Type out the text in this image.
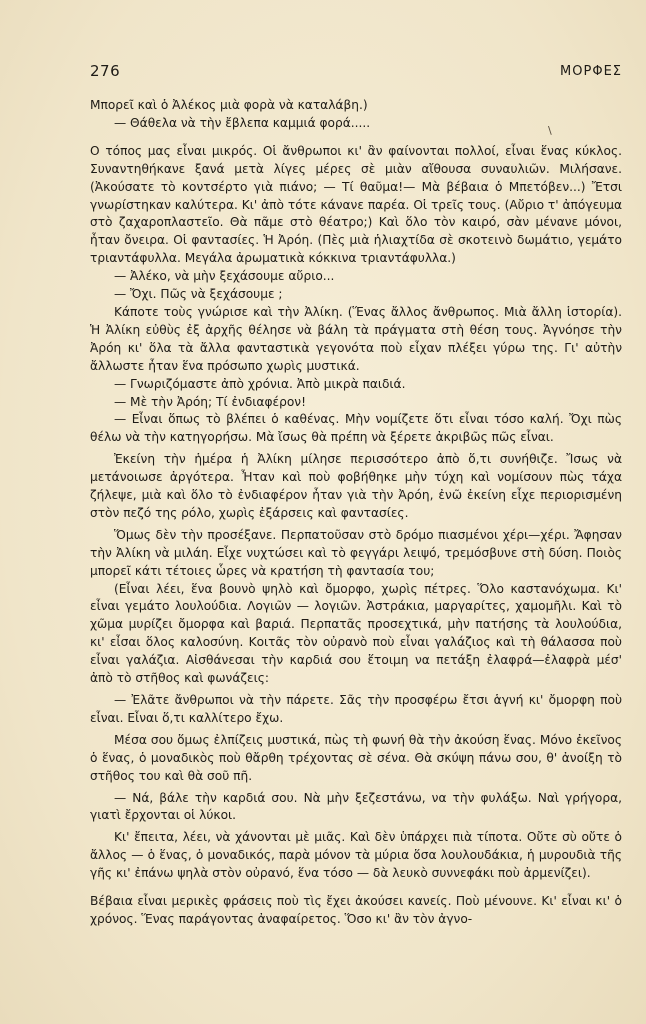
276	ΜΟΡΦΕΣ
\

Μπορεῖ καὶ ὁ Ἀλέκος μιὰ φορὰ νὰ καταλάβη.)

— Θάθελα νὰ τὴν ἔβλεπα καμμιά φορά.....

Ο τόπος μας εἶναι μικρός. Οἱ ἄνθρωποι κι' ἂν φαίνονται πολλοί, εἶναι ἕνας κύκλος. Συναντηθήκανε ξανά μετὰ λίγες μέρες σὲ μιὰν αἴθουσα συναυλιῶν. Μιλήσανε. (Ἀκούσατε τὸ κοντσέρτο γιὰ πιάνο; — Τί θαῦμα!— Μὰ βέβαια ὁ Μπετόβεν...) Ἔτσι γνωρίστηκαν καλύτερα. Κι' ἀπὸ τότε κάνανε παρέα. Οἱ τρεῖς τους. (Αὔριο τ' ἀπόγευμα στὸ ζαχαροπλαστεῖο. Θὰ πᾶμε στὸ θέατρο;) Καὶ ὅλο τὸν καιρό, σὰν μένανε μόνοι, ἦταν ὄνειρα. Οἱ φαντασίες. Ἡ Ἀρόη. (Πὲς μιὰ ἡλιαχτίδα σὲ σκοτεινὸ δωμάτιο, γεμάτο τριαντάφυλλα. Μεγάλα ἀρωματικὰ κόκκινα τριαντάφυλλα.)

— Ἀλέκο, νὰ μὴν ξεχάσουμε αὔριο...

— Ὄχι. Πῶς νὰ ξεχάσουμε ;

Κάποτε τοὺς γνώρισε καὶ τὴν Ἀλίκη. (Ἕνας ἄλλος ἄνθρωπος. Μιὰ ἄλλη ἱστορία). Ἡ Ἀλίκη εὐθὺς ἐξ ἀρχῆς θέλησε νὰ βάλη τὰ πράγματα στὴ θέση τους. Ἀγνόησε τὴν Ἀρόη κι' ὅλα τὰ ἄλλα φανταστικὰ γεγονότα ποὺ εἶχαν πλέξει γύρω της. Γι' αὐτὴν ἄλλωστε ἦταν ἕνα πρόσωπο χωρὶς μυστικά.

— Γνωριζόμαστε ἀπὸ χρόνια. Ἀπὸ μικρὰ παιδιά.

— Μὲ τὴν Ἀρόη; Τί ἐνδιαφέρον!

— Εἶναι ὅπως τὸ βλέπει ὁ καθένας. Μὴν νομίζετε ὅτι εἶναι τόσο καλή. Ὄχι πὼς θέλω νὰ τὴν κατηγορήσω. Μὰ ἴσως θὰ πρέπη νὰ ξέρετε ἀκριβῶς πῶς εἶναι.

Ἐκείνη τὴν ἡμέρα ἡ Ἀλίκη μίλησε περισσότερο ἀπὸ ὅ,τι συνήθιζε. Ἴσως νὰ μετάνοιωσε ἀργότερα. Ἦταν καὶ ποὺ φοβήθηκε μὴν τύχη καὶ νομίσουν πὼς τάχα ζήλεψε, μιὰ καὶ ὅλο τὸ ἐνδιαφέρον ἦταν γιὰ τὴν Ἀρόη, ἐνῶ ἐκείνη εἶχε περιορισμένη στὸν πεζό της ρόλο, χωρὶς ἐξάρσεις καὶ φαντασίες.

Ὅμως δὲν τὴν προσέξανε. Περπατοῦσαν στὸ δρόμο πιασμένοι χέρι—χέρι. Ἄφησαν τὴν Ἀλίκη νὰ μιλάη. Εἶχε νυχτώσει καὶ τὸ φεγγάρι λειψό, τρεμόσβυνε στὴ δύση. Ποιὸς μπορεῖ κάτι τέτοιες ὧρες νὰ κρατήση τὴ φαντασία του;

(Εἶναι λέει, ἕνα βουνὸ ψηλὸ καὶ ὄμορφο, χωρὶς πέτρες. Ὅλο καστανόχωμα. Κι' εἶναι γεμάτο λουλούδια. Λογιῶν — λογιῶν. Ἀστράκια, μαργαρίτες, χαμομῆλι. Καὶ τὸ χῶμα μυρίζει ὄμορφα καὶ βαριά. Περπατᾶς προσεχτικά, μὴν πατήσης τὰ λουλούδια, κι' εἶσαι ὅλος καλοσύνη. Κοιτᾶς τὸν οὐρανὸ ποὺ εἶναι γαλάζιος καὶ τὴ θάλασσα ποὺ εἶναι γαλάζια. Αἰσθάνεσαι τὴν καρδιά σου ἕτοιμη να πετάξη ἐλαφρά—ἐλαφρὰ μέσ' ἀπὸ τὸ στῆθος καὶ φωνάζεις:

— Ἐλᾶτε ἄνθρωποι νὰ τὴν πάρετε. Σᾶς τὴν προσφέρω ἔτσι ἁγνή κι' ὄμορφη ποὺ εἶναι. Εἶναι ὅ,τι καλλίτερο ἔχω.

Μέσα σου ὅμως ἐλπίζεις μυστικά, πὼς τὴ φωνή θὰ τὴν ἀκούση ἕνας. Μόνο ἐκεῖνος ὁ ἕνας, ὁ μοναδικὸς ποὺ θἄρθη τρέχοντας σὲ σένα. Θὰ σκύψη πάνω σου, θ' ἀνοίξη τὸ στῆθος του καὶ θὰ σοῦ πῆ.

— Νά, βάλε τὴν καρδιά σου. Νὰ μὴν ξεζεστάνω, να τὴν φυλάξω. Ναὶ γρήγορα, γιατὶ ἔρχονται οἱ λύκοι.

Κι' ἔπειτα, λέει, νὰ χάνονται μὲ μιᾶς. Καὶ δὲν ὑπάρχει πιὰ τίποτα. Οὔτε σὺ οὔτε ὁ ἄλλος — ὁ ἕνας, ὁ μοναδικός, παρὰ μόνον τὰ μύρια ὅσα λουλουδάκια, ἡ μυρουδιὰ τῆς γῆς κι' ἐπάνω ψηλὰ στὸν οὐρανό, ἕνα τόσο — δὰ λευκὸ συννεφάκι ποὺ ἀρμενίζει).

Βέβαια εἶναι μερικὲς φράσεις ποὺ τὶς ἔχει ἀκούσει κανείς. Ποὺ μένουνε. Κι' εἶναι κι' ὁ χρόνος. Ἕνας παράγοντας ἀναφαίρετος. Ὅσο κι' ἂν τὸν ἀγνο-
